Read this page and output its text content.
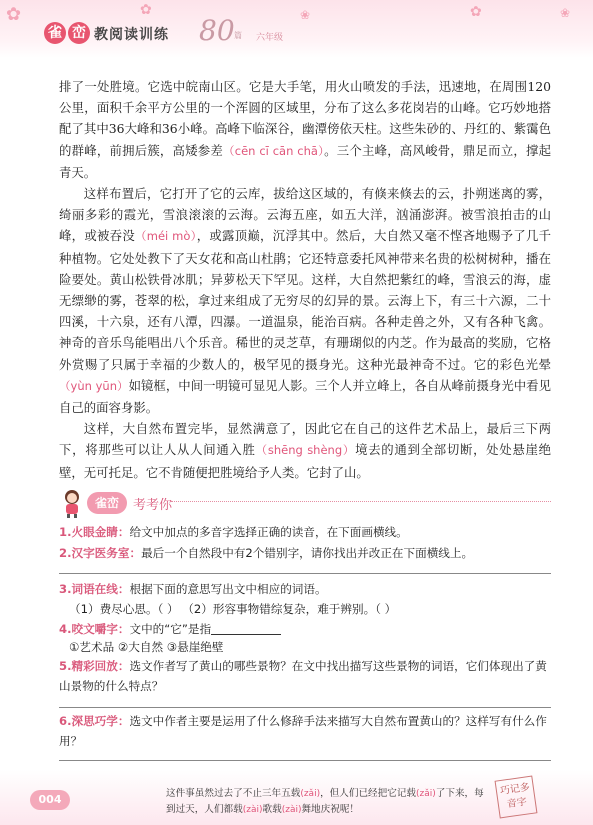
✿	✿	❀	✿	❀
雀 峦 教阅读训练 80 篇 六年级

排了一处胜境。它选中皖南山区。它是大手笔，用火山喷发的手法，迅速地，在周围120公里，面积千余平方公里的一个浑圆的区域里，分布了这么多花岗岩的山峰。它巧妙地搭配了其中36大峰和36小峰。高峰下临深谷，幽潭傍依天柱。这些朱砂的、丹红的、紫霭色的群峰，前拥后簇，高矮参差（cēn cī cān chā）。三个主峰，高风峻骨，鼎足而立，撑起青天。

这样布置后，它打开了它的云库，拔给这区域的，有倏来倏去的云，扑朔迷离的雾，绮丽多彩的霞光，雪浪滚滚的云海。云海五座，如五大洋，汹涌澎湃。被雪浪拍击的山峰，或被吞没（méi mò），或露顶巅，沉浮其中。然后，大自然又毫不悭吝地赐予了几千种植物。它处处教下了天女花和高山杜鹃；它还特意委托风神带来名贵的松树树种，播在险要处。黄山松铁骨冰肌；异萝松天下罕见。这样，大自然把紫红的峰，雪浪云的海，虚无缥缈的雾，苍翠的松，拿过来组成了无穷尽的幻异的景。云海上下，有三十六源，二十四溪，十六泉，还有八潭，四瀑。一道温泉，能治百病。各种走兽之外，又有各种飞禽。神奇的音乐鸟能唱出八个乐音。稀世的灵芝草，有珊瑚似的内芝。作为最高的奖励，它格外赏赐了只属于幸福的少数人的，极罕见的摄身光。这种光最神奇不过。它的彩色光晕（yùn yūn）如镜框，中间一明镜可显见人影。三个人并立峰上，各自从峰前摄身光中看见自己的面容身影。

这样，大自然布置完毕，显然满意了，因此它在自己的这件艺术品上，最后三下两下，将那些可以让人从人间通入胜（shēng shèng）境去的通到全部切断，处处悬崖绝壁，无可托足。它不肯随便把胜境给予人类。它封了山。

雀峦	考考你
1.火眼金睛：给文中加点的多音字选择正确的读音，在下面画横线。
2.汉字医务室：最后一个自然段中有2个错别字，请你找出并改正在下面横线上。
3.词语在线：根据下面的意思写出文中相应的词语。
（1）费尽心思。（ ） （2）形容事物错综复杂，难于辨别。（ ）
4.咬文嚼字：文中的“它”是指
①艺术品 ②大自然 ③悬崖绝壁
5.精彩回放：选文作者写了黄山的哪些景物？在文中找出描写这些景物的词语，它们体现出了黄山景物的什么特点？
6.深思巧学：选文中作者主要是运用了什么修辞手法来描写大自然布置黄山的？这样写有什么作用？
004	这件事虽然过去了不止三年五载(zǎi)，但人们已经把它记载(zǎi)了下来，每到过天，人们都载(zài)歌载(zài)舞地庆祝呢！
巧记多音字
